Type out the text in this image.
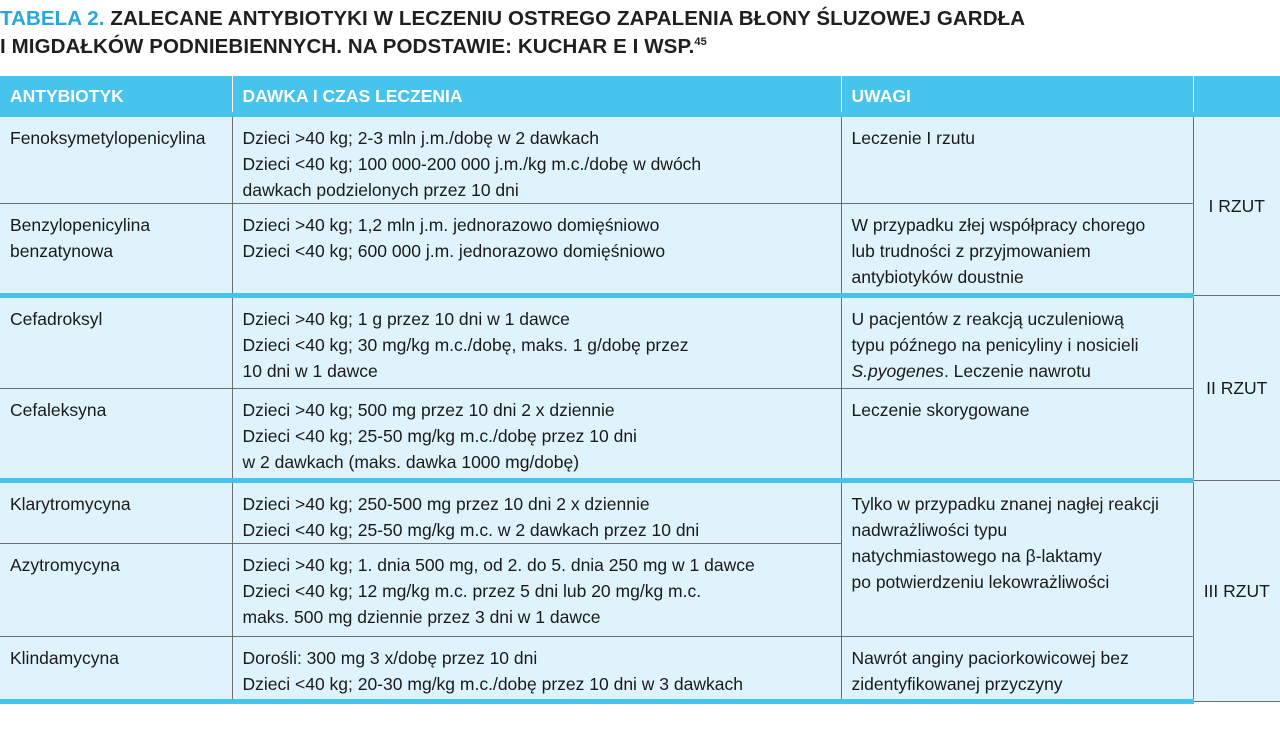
TABELA 2. ZALECANE ANTYBIOTYKI W LECZENIU OSTREGO ZAPALENIA BŁONY ŚLUZOWEJ GARDŁA
I MIGDAŁKÓW PODNIEBIENNYCH. NA PODSTAWIE: KUCHAR E I WSP.$^{45}$
ANTYBIOTYK	DAWKA I CZAS LECZENIA	UWAGI	

Fenoksymetylopenicylina	Dzieci >40 kg; 2-3 mln j.m./dobę w 2 dawkach
Dzieci <40 kg; 100 000-200 000 j.m./kg m.c./dobę w dwóch
dawkach podzielonych przez 10 dni	Leczenie I rzutu	I RZUT

Benzylopenicylina
benzatynowa	Dzieci >40 kg; 1,2 mln j.m. jednorazowo domięśniowo
Dzieci <40 kg; 600 000 j.m. jednorazowo domięśniowo	W przypadku złej współpracy chorego
lub trudności z przyjmowaniem
antybiotyków doustnie	

Cefadroksyl	Dzieci >40 kg; 1 g przez 10 dni w 1 dawce
Dzieci <40 kg; 30 mg/kg m.c./dobę, maks. 1 g/dobę przez
10 dni w 1 dawce	U pacjentów z reakcją uczuleniową
typu późnego na penicyliny i nosicieli
S.pyogenes. Leczenie nawrotu	II RZUT

Cefaleksyna	Dzieci >40 kg; 500 mg przez 10 dni 2 x dziennie
Dzieci <40 kg; 25-50 mg/kg m.c./dobę przez 10 dni
w 2 dawkach (maks. dawka 1000 mg/dobę)	Leczenie skorygowane	

Klarytromycyna	Dzieci >40 kg; 250-500 mg przez 10 dni 2 x dziennie
Dzieci <40 kg; 25-50 mg/kg m.c. w 2 dawkach przez 10 dni	Tylko w przypadku znanej nagłej reakcji
nadwrażliwości typu
natychmiastowego na β-laktamy
po potwierdzeniu lekowrażliwości	III RZUT

Azytromycyna	Dzieci >40 kg; 1. dnia 500 mg, od 2. do 5. dnia 250 mg w 1 dawce
Dzieci <40 kg; 12 mg/kg m.c. przez 5 dni lub 20 mg/kg m.c.
maks. 500 mg dziennie przez 3 dni w 1 dawce		

Klindamycyna	Dorośli: 300 mg 3 x/dobę przez 10 dni
Dzieci <40 kg; 20-30 mg/kg m.c./dobę przez 10 dni w 3 dawkach	Nawrót anginy paciorkowicowej bez
zidentyfikowanej przyczyny	
